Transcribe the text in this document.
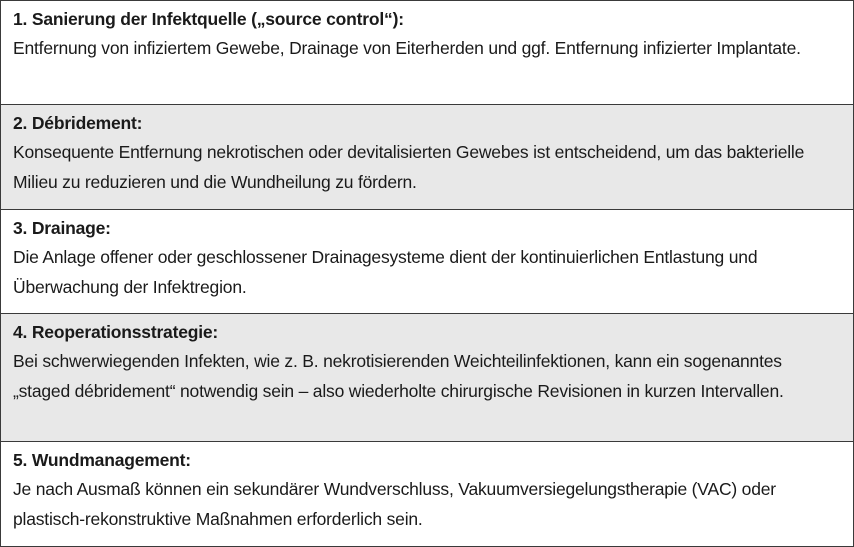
1. Sanierung der Infektquelle („source control“):
Entfernung von infiziertem Gewebe, Drainage von Eiterherden und ggf. Entfernung infizierter Implantate.
2. Débridement:
Konsequente Entfernung nekrotischen oder devitalisierten Gewebes ist entscheidend, um das bakterielle Milieu zu reduzieren und die Wundheilung zu fördern.
3. Drainage:
Die Anlage offener oder geschlossener Drainagesysteme dient der kontinuierlichen Entlastung und Überwachung der Infektregion.
4. Reoperationsstrategie:
Bei schwerwiegenden Infekten, wie z. B. nekrotisierenden Weichteilinfektionen, kann ein sogenanntes „staged débridement“ notwendig sein – also wiederholte chirurgische Revisionen in kurzen Intervallen.
5. Wundmanagement:
Je nach Ausmaß können ein sekundärer Wundverschluss, Vakuumversiegelungstherapie (VAC) oder plastisch-rekonstruktive Maßnahmen erforderlich sein.
